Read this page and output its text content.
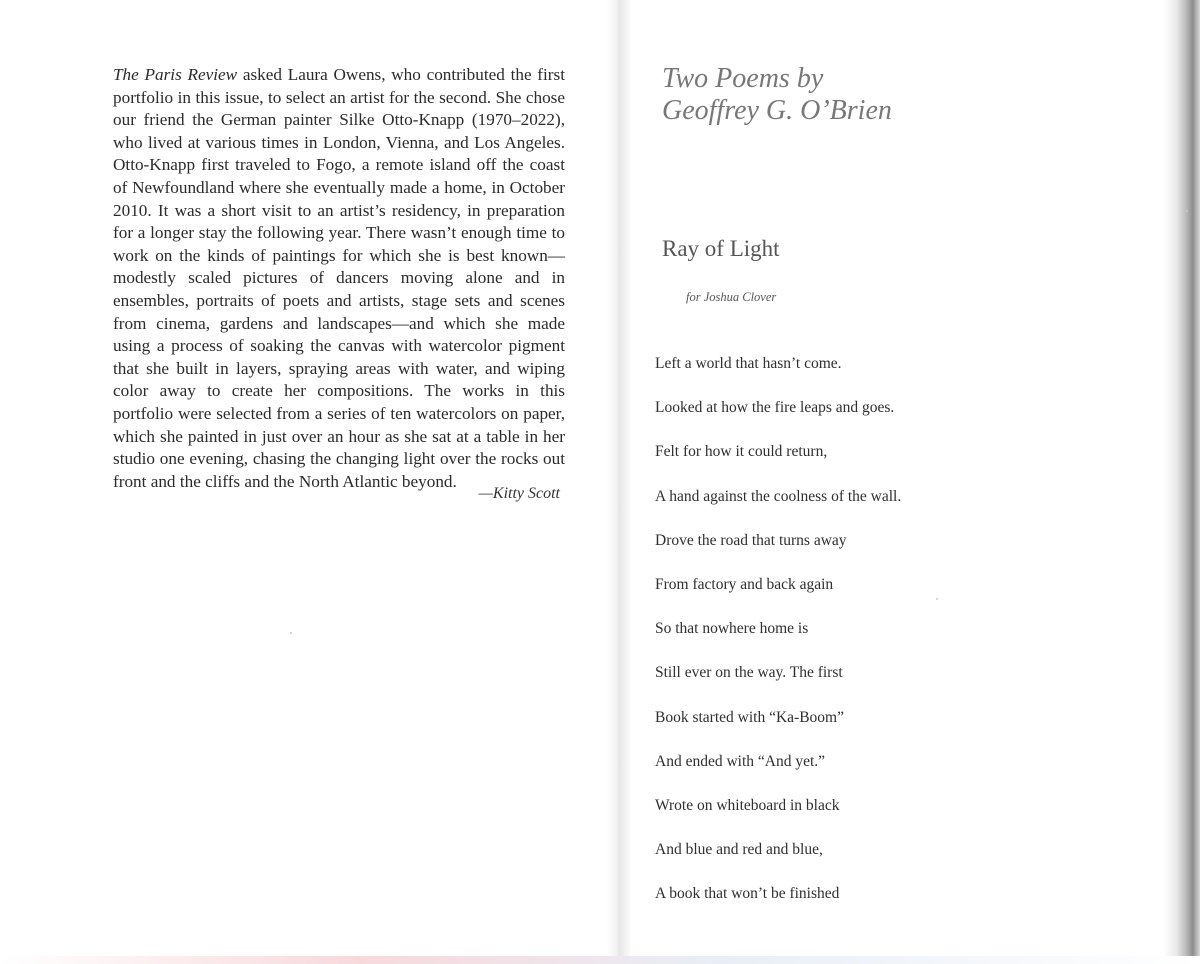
The Paris Review asked Laura Owens, who contributed the first portfolio in this issue, to select an artist for the second. She chose our friend the German painter Silke Otto-Knapp (1970–2022), who lived at various times in London, Vienna, and Los Angeles. Otto-Knapp first traveled to Fogo, a remote island off the coast of Newfoundland where she eventually made a home, in October 2010. It was a short visit to an artist’s residency, in preparation for a longer stay the following year. There wasn’t enough time to work on the kinds of paintings for which she is best known—modestly scaled pictures of dancers moving alone and in ensembles, portraits of poets and artists, stage sets and scenes from cinema, gardens and landscapes—and which she made using a process of soaking the canvas with watercolor pigment that she built in layers, spraying areas with water, and wiping color away to create her compositions. The works in this portfolio were selected from a series of ten watercolors on paper, which she painted in just over an hour as she sat at a table in her studio one evening, chasing the changing light over the rocks out front and the cliffs and the North Atlantic beyond.

—Kitty Scott
Two Poems by
Geoffrey G. O’Brien
Ray of Light
for Joshua Clover
Left a world that hasn’t come.
Looked at how the fire leaps and goes.
Felt for how it could return,
A hand against the coolness of the wall.
Drove the road that turns away
From factory and back again
So that nowhere home is
Still ever on the way. The first
Book started with “Ka-Boom”
And ended with “And yet.”
Wrote on whiteboard in black
And blue and red and blue,
A book that won’t be finished
